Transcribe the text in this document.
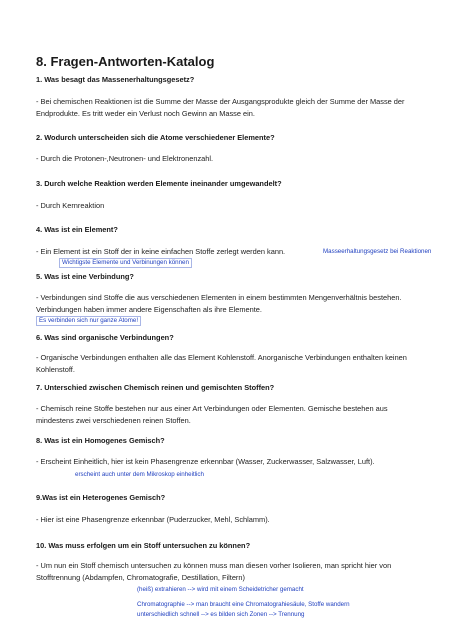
8. Fragen-Antworten-Katalog
1. Was besagt das Massenerhaltungsgesetz?
- Bei chemischen Reaktionen ist die Summe der Masse der Ausgangsprodukte gleich der Summe der Masse der Endprodukte. Es tritt weder ein Verlust noch Gewinn an Masse ein.
2. Wodurch unterscheiden sich die Atome verschiedener Elemente?
- Durch die Protonen-,Neutronen- und Elektronenzahl.
3. Durch welche Reaktion werden Elemente ineinander umgewandelt?
- Durch Kernreaktion
4. Was ist ein Element?
- Ein Element ist ein Stoff der in keine einfachen Stoffe zerlegt werden kann.	Masseerhaltungsgesetz bei Reaktionen
Wichtigste Elemente und Verbinungen können
5. Was ist eine Verbindung?
- Verbindungen sind Stoffe die aus verschiedenen Elementen in einem bestimmten Mengenverhältnis bestehen. Verbindungen haben immer andere Eigenschaften als ihre Elemente.
Es verbinden sich nur ganze Atome!
6. Was sind organische Verbindungen?
- Organische Verbindungen enthalten alle das Element Kohlenstoff. Anorganische Verbindungen enthalten keinen Kohlenstoff.
7. Unterschied zwischen Chemisch reinen und gemischten Stoffen?
- Chemisch reine Stoffe bestehen nur aus einer Art Verbindungen oder Elementen. Gemische bestehen aus mindestens zwei verschiedenen reinen Stoffen.
8. Was ist ein Homogenes Gemisch?
- Erscheint Einheitlich, hier ist kein Phasengrenze erkennbar (Wasser, Zuckerwasser, Salzwasser, Luft).
erscheint auch unter dem Mikroskop einheitlich
9.Was ist ein Heterogenes Gemisch?
- Hier ist eine Phasengrenze erkennbar (Puderzucker, Mehl, Schlamm).
10. Was muss erfolgen um ein Stoff untersuchen zu können?
- Um nun ein Stoff chemisch untersuchen zu können muss man diesen vorher Isolieren, man spricht hier von Stofftrennung (Abdampfen, Chromatografie, Destillation, Filtern)
(heiß) extrahieren --> wird mit einem Scheidetricher gemacht
Chromatographie --> man braucht eine Chromatograhiesäule, Stoffe wandern
unterschiedlich schnell --> es bilden sich Zonen --> Trennung
